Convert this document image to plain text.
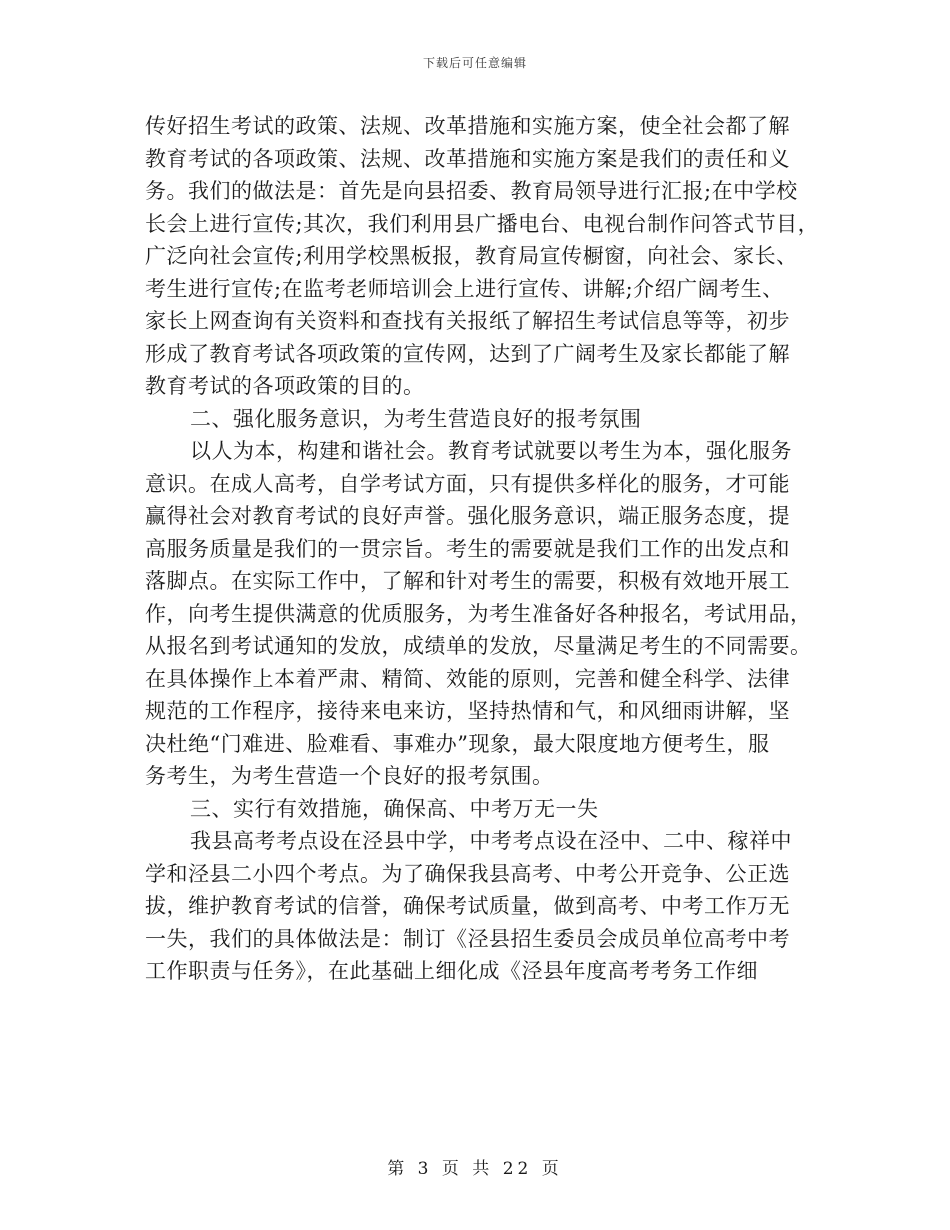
下载后可任意编辑
传好招生考试的政策、法规、改革措施和实施方案，使全社会都了解
教育考试的各项政策、法规、改革措施和实施方案是我们的责任和义
务。我们的做法是：首先是向县招委、教育局领导进行汇报;在中学校
长会上进行宣传;其次，我们利用县广播电台、电视台制作问答式节目，
广泛向社会宣传;利用学校黑板报，教育局宣传橱窗，向社会、家长、
考生进行宣传;在监考老师培训会上进行宣传、讲解;介绍广阔考生、
家长上网查询有关资料和查找有关报纸了解招生考试信息等等，初步
形成了教育考试各项政策的宣传网，达到了广阔考生及家长都能了解
教育考试的各项政策的目的。
二、强化服务意识，为考生营造良好的报考氛围
以人为本，构建和谐社会。教育考试就要以考生为本，强化服务
意识。在成人高考，自学考试方面，只有提供多样化的服务，才可能
赢得社会对教育考试的良好声誉。强化服务意识，端正服务态度，提
高服务质量是我们的一贯宗旨。考生的需要就是我们工作的出发点和
落脚点。在实际工作中，了解和针对考生的需要，积极有效地开展工
作，向考生提供满意的优质服务，为考生准备好各种报名，考试用品，
从报名到考试通知的发放，成绩单的发放，尽量满足考生的不同需要。
在具体操作上本着严肃、精简、效能的原则，完善和健全科学、法律
规范的工作程序，接待来电来访，坚持热情和气，和风细雨讲解，坚
决杜绝“门难进、脸难看、事难办”现象，最大限度地方便考生，服
务考生，为考生营造一个良好的报考氛围。
三、实行有效措施，确保高、中考万无一失
我县高考考点设在泾县中学，中考考点设在泾中、二中、稼祥中
学和泾县二小四个考点。为了确保我县高考、中考公开竞争、公正选
拔，维护教育考试的信誉，确保考试质量，做到高考、中考工作万无
一失，我们的具体做法是：制订《泾县招生委员会成员单位高考中考
工作职责与任务》，在此基础上细化成《泾县年度高考考务工作细
第 3 页 共 22 页
